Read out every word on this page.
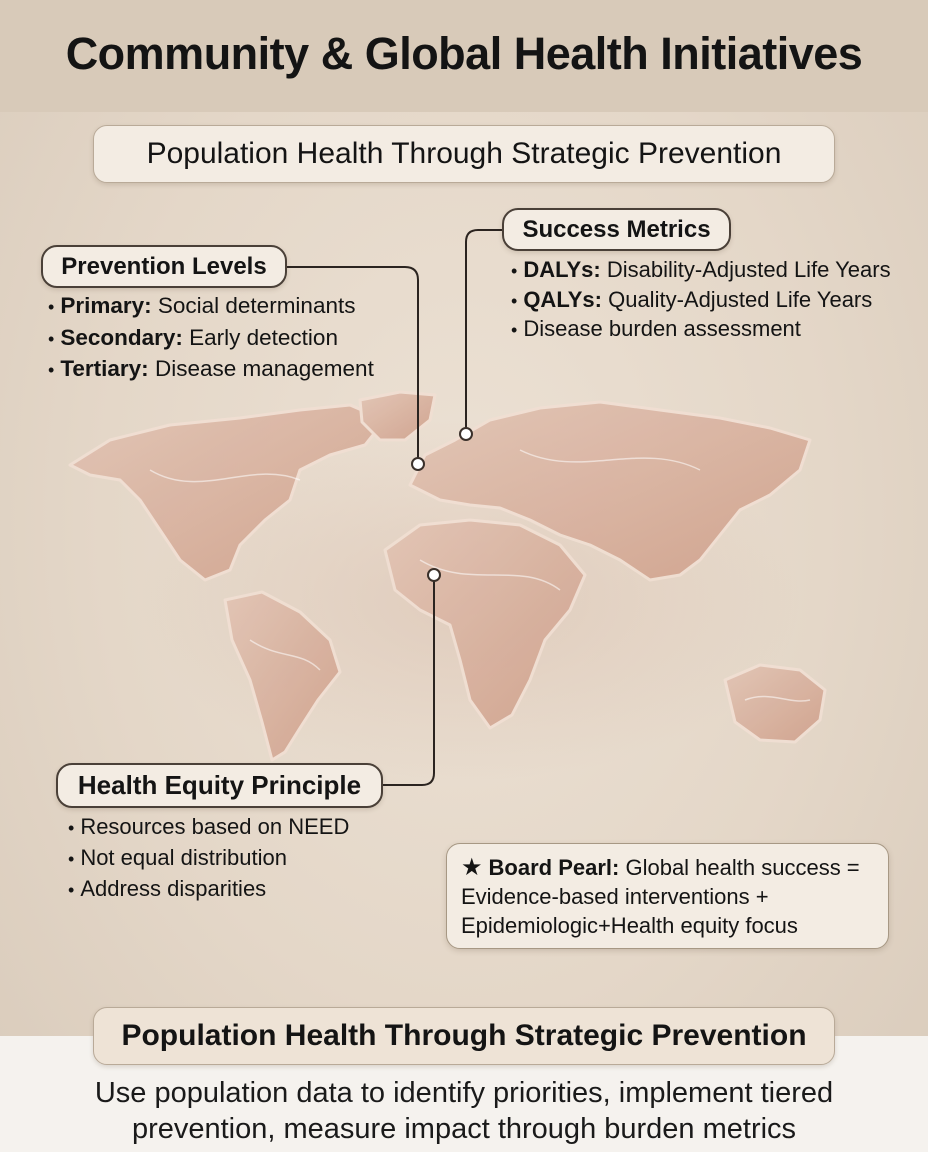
Community & Global Health Initiatives
Population Health Through Strategic Prevention
Prevention Levels
• Primary: Social determinants
• Secondary: Early detection
• Tertiary: Disease management
Success Metrics
• DALYs: Disability-Adjusted Life Years
• QALYs: Quality-Adjusted Life Years
• Disease burden assessment
Health Equity Principle
• Resources based on NEED
• Not equal distribution
• Address disparities
★ Board Pearl: Global health success =
Evidence-based interventions +
Epidemiologic+Health equity focus
Population Health Through Strategic Prevention
Use population data to identify priorities, implement tiered
prevention, measure impact through burden metrics
